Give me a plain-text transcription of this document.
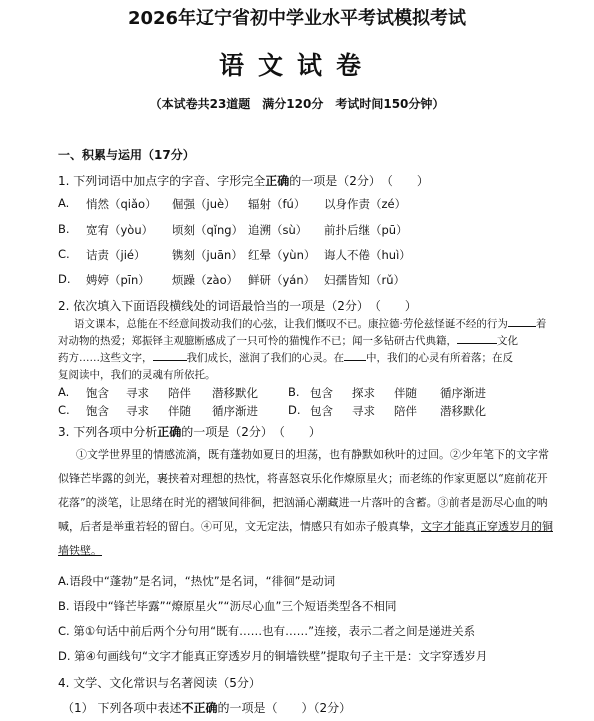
2026年辽宁省初中学业水平考试模拟考试
语文试卷
（本试卷共23道题　满分120分　考试时间150分钟）
一、积累与运用（17分）
1. 下列词语中加点字的字音、字形完全正确的一项是（2分）　（　　）
A.	悄然（qiǎo）	倔强（juè）	辐射（fú）	以身作责（zé）
B.	宽宥（yòu）	顷刻（qǐng） 追溯（sù）	前扑后继（pū）
C.	诘责（jié）	镌刻（juān） 红晕（yùn） 诲人不倦（huì）
D.	娉婷（pīn）	烦躁（zào） 鲜研（yán） 妇孺皆知（rǔ）
2. 依次填入下面语段横线处的词语最恰当的一项是（2分）　（　　）
语文课本，总能在不经意间拨动我们的心弦，让我们慨叹不已。康拉德·劳伦兹怪诞不经的行为	着
对动物的热爱；郑振铎主观臆断感成了一只可怜的猫愧作不已；闻一多钻研古代典籍，	文化
药方……这些文字，	我们成长，滋润了我们的心灵。在 中，我们的心灵有所着落；在反
复阅读中，我们的灵魂有所依托。
A.	饱含	寻求	陪伴	潜移默化	B. 包含	探求	伴随	循序渐进
C.	饱含	寻求	伴随	循序渐进	D. 包含	寻求	陪伴	潜移默化
3. 下列各项中分析正确的一项是（2分）　（　　）
①文学世界里的情感流淌，既有蓬勃如夏日的坦荡，也有静默如秋叶的过回。②少年笔下的文字常
似锋芒毕露的剑光，裹挟着对理想的热忱，将喜怒哀乐化作燎原星火；而老练的作家更愿以“庭前花开
花落”的淡笔，让思绪在时光的褶皱间徘徊，把汹涌心潮藏进一片落叶的含蓄。③前者是沥尽心血的呐
喊，后者是举重若轻的留白。④可见，文无定法，情感只有如赤子般真挚，文字才能真正穿透岁月的铜
墙铁壁。
A.语段中“蓬勃”是名词，“热忱”是名词，“徘徊”是动词
B. 语段中“锋芒毕露”“燎原星火”“沥尽心血”三个短语类型各不相同
C. 第①句话中前后两个分句用“既有……也有……”连接，表示二者之间是递进关系
D. 第④句画线句“文字才能真正穿透岁月的铜墙铁壁”提取句子主干是：文字穿透岁月
4. 文学、文化常识与名著阅读（5分）
（1） 下列各项中表述不正确的一项是（　　）（2分）
